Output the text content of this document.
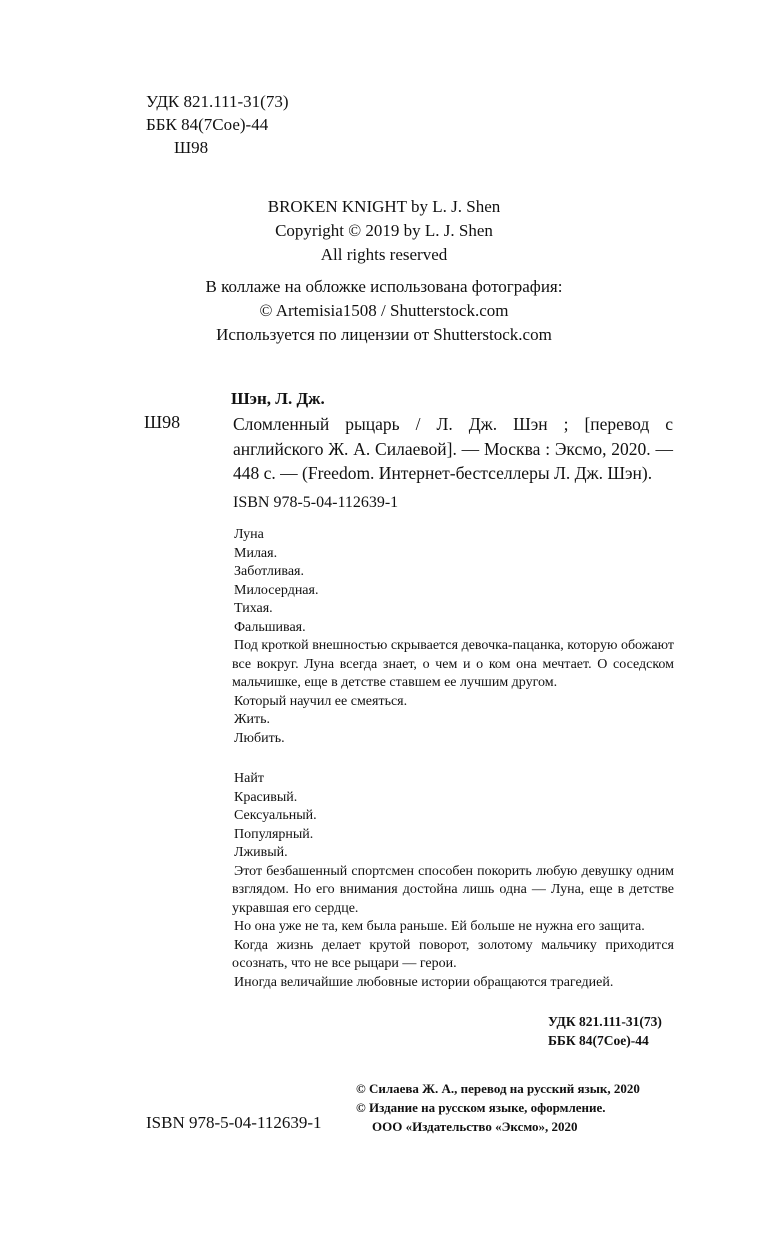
УДК 821.111-31(73)
ББК 84(7Сое)-44
Ш98
BROKEN KNIGHT by L. J. Shen
Copyright © 2019 by L. J. Shen
All rights reserved
В коллаже на обложке использована фотография:
© Artemisia1508 / Shutterstock.com
Используется по лицензии от Shutterstock.com
Шэн, Л. Дж.
Ш98	Сломленный рыцарь / Л. Дж. Шэн ; [перевод с английского Ж. А. Силаевой]. — Москва : Эксмо, 2020. — 448 с. — (Freedom. Интернет-бестселлеры Л. Дж. Шэн).
ISBN 978-5-04-112639-1

Луна

Милая.

Заботливая.

Милосердная.

Тихая.

Фальшивая.

Под кроткой внешностью скрывается девочка-пацанка, которую обожают все вокруг. Луна всегда знает, о чем и о ком она мечтает. О соседском мальчишке, еще в детстве ставшем ее лучшим другом.

Который научил ее смеяться.

Жить.

Любить.

Найт

Красивый.

Сексуальный.

Популярный.

Лживый.

Этот безбашенный спортсмен способен покорить любую девушку одним взглядом. Но его внимания достойна лишь одна — Луна, еще в детстве укравшая его сердце.

Но она уже не та, кем была раньше. Ей больше не нужна его защита.

Когда жизнь делает крутой поворот, золотому мальчику приходится осознать, что не все рыцари — герои.

Иногда величайшие любовные истории обращаются трагедией.

УДК 821.111-31(73)
ББК 84(7Сое)-44
© Силаева Ж. А., перевод на русский язык, 2020
© Издание на русском языке, оформление.
ООО «Издательство «Эксмо», 2020
ISBN 978-5-04-112639-1
